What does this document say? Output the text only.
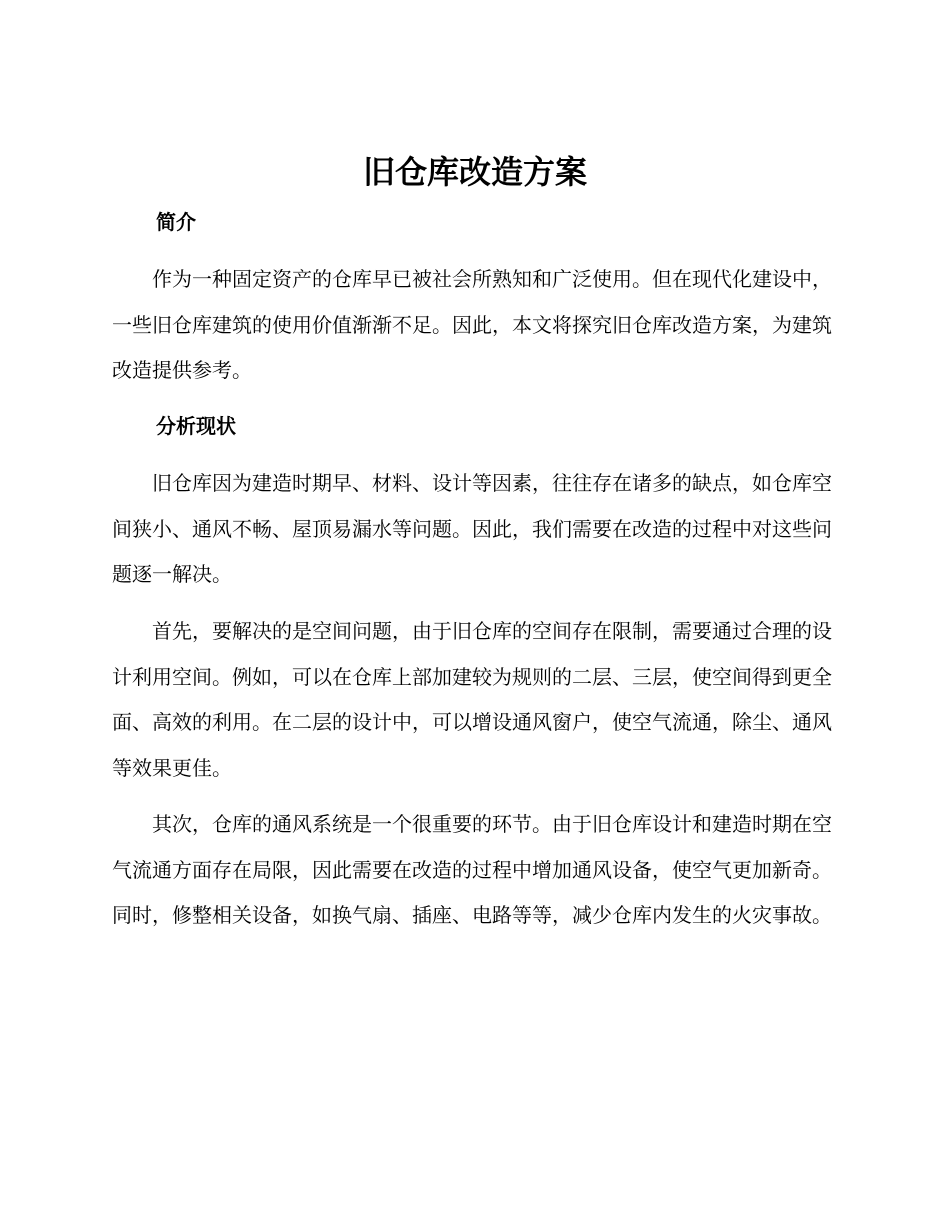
旧仓库改造方案
简介

作为一种固定资产的仓库早已被社会所熟知和广泛使用。但在现代化建设中，一些旧仓库建筑的使用价值渐渐不足。因此，本文将探究旧仓库改造方案，为建筑改造提供参考。

分析现状

旧仓库因为建造时期早、材料、设计等因素，往往存在诸多的缺点，如仓库空间狭小、通风不畅、屋顶易漏水等问题。因此，我们需要在改造的过程中对这些问题逐一解决。

首先，要解决的是空间问题，由于旧仓库的空间存在限制，需要通过合理的设计利用空间。例如，可以在仓库上部加建较为规则的二层、三层，使空间得到更全面、高效的利用。在二层的设计中，可以增设通风窗户，使空气流通，除尘、通风等效果更佳。

其次，仓库的通风系统是一个很重要的环节。由于旧仓库设计和建造时期在空气流通方面存在局限，因此需要在改造的过程中增加通风设备，使空气更加新奇。同时，修整相关设备，如换气扇、插座、电路等等，减少仓库内发生的火灾事故。
